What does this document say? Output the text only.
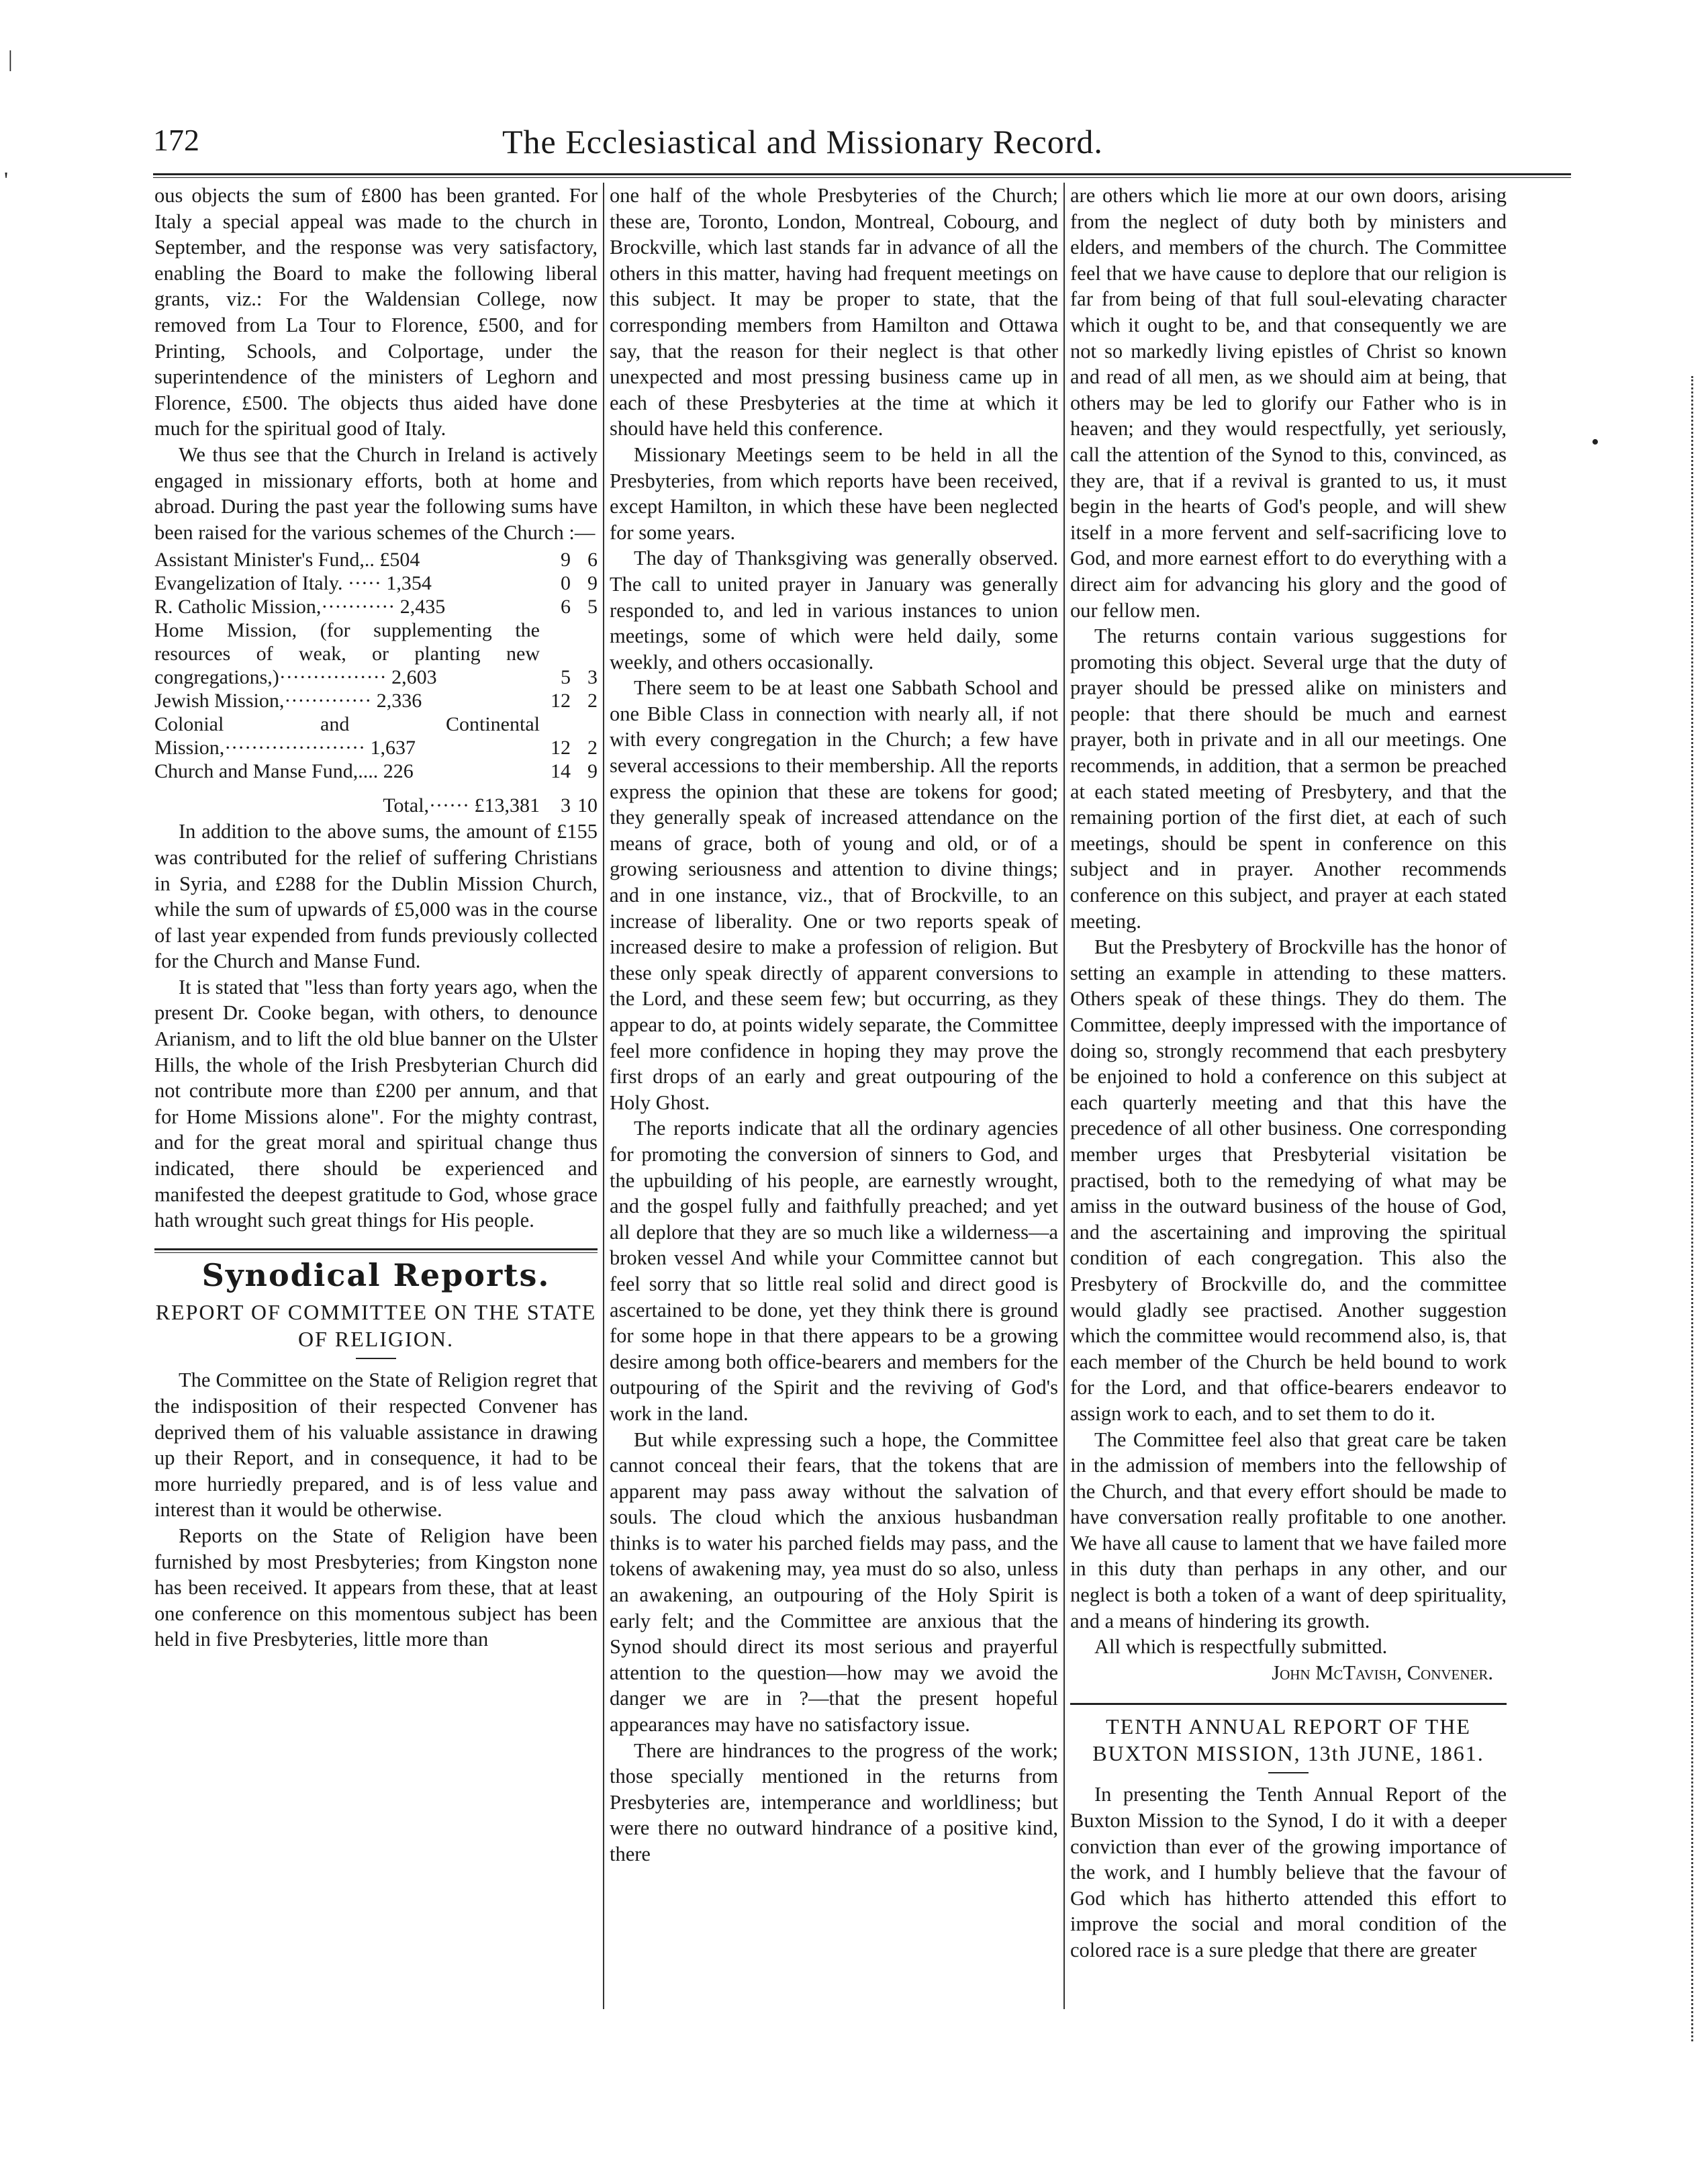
172	The Ecclesiastical and Missionary Record.

ous objects the sum of £800 has been granted. For Italy a special appeal was made to the church in September, and the response was very satisfactory, enabling the Board to make the following liberal grants, viz.: For the Waldensian College, now removed from La Tour to Florence, £500, and for Printing, Schools, and Colportage, under the superintendence of the ministers of Leghorn and Florence, £500. The objects thus aided have done much for the spiritual good of Italy.

We thus see that the Church in Ireland is actively engaged in missionary efforts, both at home and abroad. During the past year the following sums have been raised for the various schemes of the Church :—

Assistant Minister's Fund,.. £504	9	6
Evangelization of Italy. ····· 1,354	0	9
R. Catholic Mission,··········· 2,435	6	5
Home Mission, (for supplementing the resources of weak, or planting new congregations,)················ 2,603	5	3
Jewish Mission,············· 2,336	12	2
Colonial and Continental Mission,····················· 1,637	12	2
Church and Manse Fund,.... 226	14	9
Total,······ £13,381	3	10

In addition to the above sums, the amount of £155 was contributed for the relief of suffering Christians in Syria, and £288 for the Dublin Mission Church, while the sum of upwards of £5,000 was in the course of last year expended from funds previously collected for the Church and Manse Fund.

It is stated that "less than forty years ago, when the present Dr. Cooke began, with others, to denounce Arianism, and to lift the old blue banner on the Ulster Hills, the whole of the Irish Presbyterian Church did not contribute more than £200 per annum, and that for Home Missions alone". For the mighty contrast, and for the great moral and spiritual change thus indicated, there should be experienced and manifested the deepest gratitude to God, whose grace hath wrought such great things for His people.

Synodical Reports.
REPORT OF COMMITTEE ON THE STATE OF RELIGION.

The Committee on the State of Religion regret that the indisposition of their respected Convener has deprived them of his valuable assistance in drawing up their Report, and in consequence, it had to be more hurriedly prepared, and is of less value and interest than it would be otherwise.

Reports on the State of Religion have been furnished by most Presbyteries; from Kingston none has been received. It appears from these, that at least one conference on this momentous subject has been held in five Presbyteries, little more than

one half of the whole Presbyteries of the Church; these are, Toronto, London, Montreal, Cobourg, and Brockville, which last stands far in advance of all the others in this matter, having had frequent meetings on this subject. It may be proper to state, that the corresponding members from Hamilton and Ottawa say, that the reason for their neglect is that other unexpected and most pressing business came up in each of these Presbyteries at the time at which it should have held this conference.

Missionary Meetings seem to be held in all the Presbyteries, from which reports have been received, except Hamilton, in which these have been neglected for some years.

The day of Thanksgiving was generally observed. The call to united prayer in January was generally responded to, and led in various instances to union meetings, some of which were held daily, some weekly, and others occasionally.

There seem to be at least one Sabbath School and one Bible Class in connection with nearly all, if not with every congregation in the Church; a few have several accessions to their membership. All the reports express the opinion that these are tokens for good; they generally speak of increased attendance on the means of grace, both of young and old, or of a growing seriousness and attention to divine things; and in one instance, viz., that of Brockville, to an increase of liberality. One or two reports speak of increased desire to make a profession of religion. But these only speak directly of apparent conversions to the Lord, and these seem few; but occurring, as they appear to do, at points widely separate, the Committee feel more confidence in hoping they may prove the first drops of an early and great outpouring of the Holy Ghost.

The reports indicate that all the ordinary agencies for promoting the conversion of sinners to God, and the upbuilding of his people, are earnestly wrought, and the gospel fully and faithfully preached; and yet all deplore that they are so much like a wilderness—a broken vessel And while your Committee cannot but feel sorry that so little real solid and direct good is ascertained to be done, yet they think there is ground for some hope in that there appears to be a growing desire among both office-bearers and members for the outpouring of the Spirit and the reviving of God's work in the land.

But while expressing such a hope, the Committee cannot conceal their fears, that the tokens that are apparent may pass away without the salvation of souls. The cloud which the anxious husbandman thinks is to water his parched fields may pass, and the tokens of awakening may, yea must do so also, unless an awakening, an outpouring of the Holy Spirit is early felt; and the Committee are anxious that the Synod should direct its most serious and prayerful attention to the question—how may we avoid the danger we are in ?—that the present hopeful appearances may have no satisfactory issue.

There are hindrances to the progress of the work; those specially mentioned in the returns from Presbyteries are, intemperance and worldliness; but were there no outward hindrance of a positive kind, there

are others which lie more at our own doors, arising from the neglect of duty both by ministers and elders, and members of the church. The Committee feel that we have cause to deplore that our religion is far from being of that full soul-elevating character which it ought to be, and that consequently we are not so markedly living epistles of Christ so known and read of all men, as we should aim at being, that others may be led to glorify our Father who is in heaven; and they would respectfully, yet seriously, call the attention of the Synod to this, convinced, as they are, that if a revival is granted to us, it must begin in the hearts of God's people, and will shew itself in a more fervent and self-sacrificing love to God, and more earnest effort to do everything with a direct aim for advancing his glory and the good of our fellow men.

The returns contain various suggestions for promoting this object. Several urge that the duty of prayer should be pressed alike on ministers and people: that there should be much and earnest prayer, both in private and in all our meetings. One recommends, in addition, that a sermon be preached at each stated meeting of Presbytery, and that the remaining portion of the first diet, at each of such meetings, should be spent in conference on this subject and in prayer. Another recommends conference on this subject, and prayer at each stated meeting.

But the Presbytery of Brockville has the honor of setting an example in attending to these matters. Others speak of these things. They do them. The Committee, deeply impressed with the importance of doing so, strongly recommend that each presbytery be enjoined to hold a conference on this subject at each quarterly meeting and that this have the precedence of all other business. One corresponding member urges that Presbyterial visitation be practised, both to the remedying of what may be amiss in the outward business of the house of God, and the ascertaining and improving the spiritual condition of each congregation. This also the Presbytery of Brockville do, and the committee would gladly see practised. Another suggestion which the committee would recommend also, is, that each member of the Church be held bound to work for the Lord, and that office-bearers endeavor to assign work to each, and to set them to do it.

The Committee feel also that great care be taken in the admission of members into the fellowship of the Church, and that every effort should be made to have conversation really profitable to one another. We have all cause to lament that we have failed more in this duty than perhaps in any other, and our neglect is both a token of a want of deep spirituality, and a means of hindering its growth.

All which is respectfully submitted.

John McTavish, Convener.

TENTH ANNUAL REPORT OF THE BUXTON MISSION, 13th JUNE, 1861.

In presenting the Tenth Annual Report of the Buxton Mission to the Synod, I do it with a deeper conviction than ever of the growing importance of the work, and I humbly believe that the favour of God which has hitherto attended this effort to improve the social and moral condition of the colored race is a sure pledge that there are greater

|
'
•
